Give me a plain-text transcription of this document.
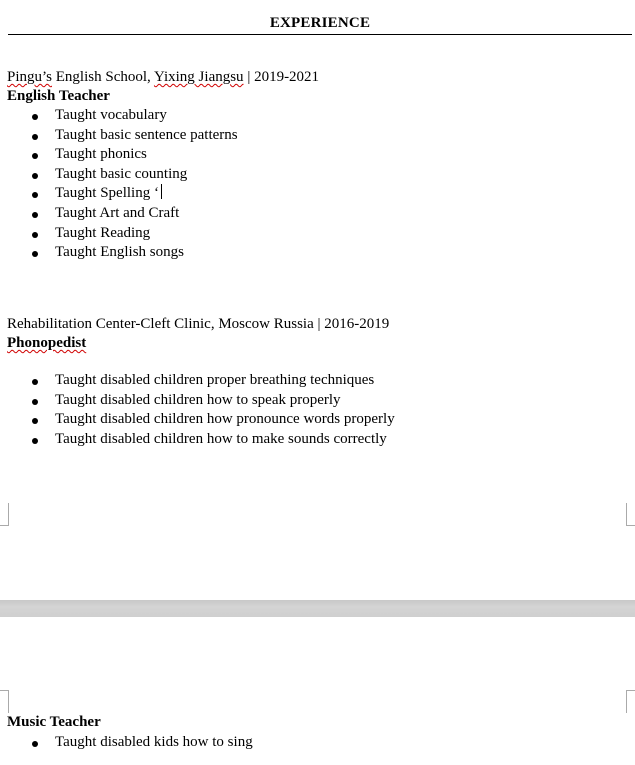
EXPERIENCE
Pingu’s English School, Yixing Jiangsu | 2019-2021
English Teacher
Taught vocabulary
Taught basic sentence patterns
Taught phonics
Taught basic counting
Taught Spelling ‘
Taught Art and Craft
Taught Reading
Taught English songs
Rehabilitation Center-Cleft Clinic, Moscow Russia | 2016-2019
Phonopedist
Taught disabled children proper breathing techniques
Taught disabled children how to speak properly
Taught disabled children how pronounce words properly
Taught disabled children how to make sounds correctly
Music Teacher
Taught disabled kids how to sing
